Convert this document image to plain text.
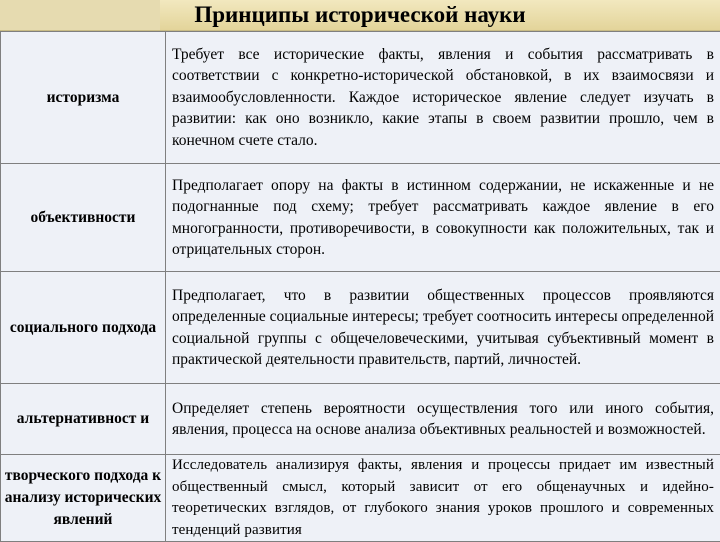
Принципы исторической науки
историзма	Требует все исторические факты, явления и события рассматривать в соответствии с конкретно-исторической обстановкой, в их взаимосвязи и взаимообусловленности. Каждое историческое явление следует изучать в развитии: как оно возникло, какие этапы в своем развитии прошло, чем в конечном счете стало.

объективности	Предполагает опору на факты в истинном содержании, не искаженные и не подогнанные под схему; требует рассматривать каждое явление в его многогранности, противоречивости, в совокупности как положительных, так и отрицательных сторон.

социального подхода	Предполагает, что в развитии общественных процессов проявляются определенные социальные интересы; требует соотносить интересы определенной социальной группы с общечеловеческими, учитывая субъективный момент в практической деятельности правительств, партий, личностей.

альтернативност и	Определяет степень вероятности осуществления того или иного события, явления, процесса на основе анализа объективных реальностей и возможностей.

творческого подхода к анализу исторических явлений	Исследователь анализируя факты, явления и процессы придает им известный общественный смысл, который зависит от его общенаучных и идейно-теоретических взглядов, от глубокого знания уроков прошлого и современных тенденций развития
